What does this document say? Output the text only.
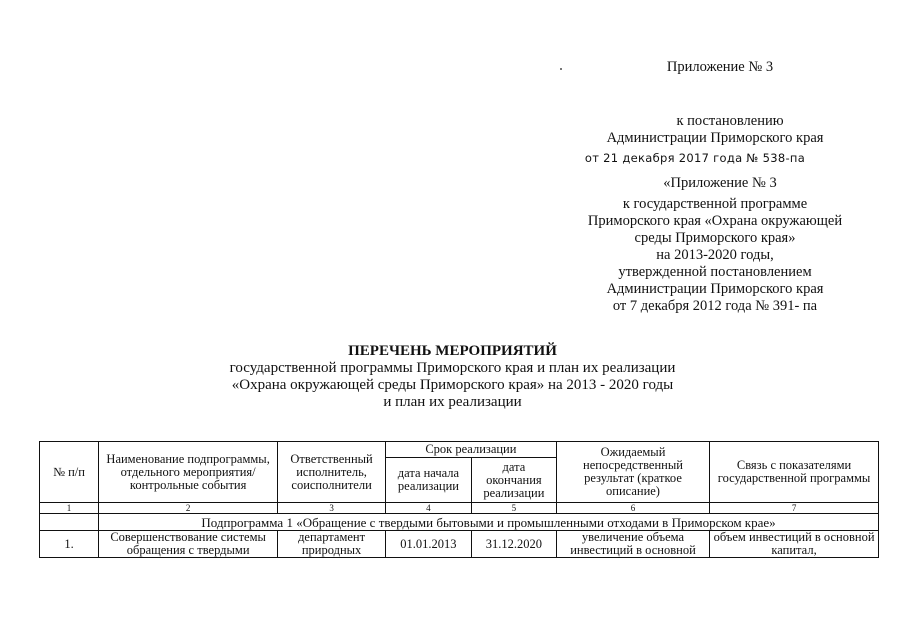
Приложение № 3
к постановлению
Администрации Приморского края
от 21 декабря 2017 года № 538-па
«Приложение № 3
к государственной программе
Приморского края «Охрана окружающей
среды Приморского края»
на 2013-2020 годы,
утвержденной постановлением
Администрации Приморского края
от 7 декабря 2012 года № 391- па
ПЕРЕЧЕНЬ МЕРОПРИЯТИЙ
государственной программы Приморского края и план их реализации
«Охрана окружающей среды Приморского края» на 2013 - 2020 годы
и план их реализации
№ п/п	Наименование подпрограммы, отдельного мероприятия/контрольные события	Ответственный исполнитель, соисполнители	Срок реализации		Ожидаемый непосредственный результат (краткое описание)	Связь с показателями государственной программы
			дата начала реализации	дата окончания реализации		
1	2	3	4	5	6	7
	Подпрограмма 1 «Обращение с твердыми бытовыми и промышленными отходами в Приморском крае»					
1.	Совершенствование системы обращения с твердыми	департамент природных	01.01.2013	31.12.2020	увеличение объема инвестиций в основной	объем инвестиций в основной капитал,
